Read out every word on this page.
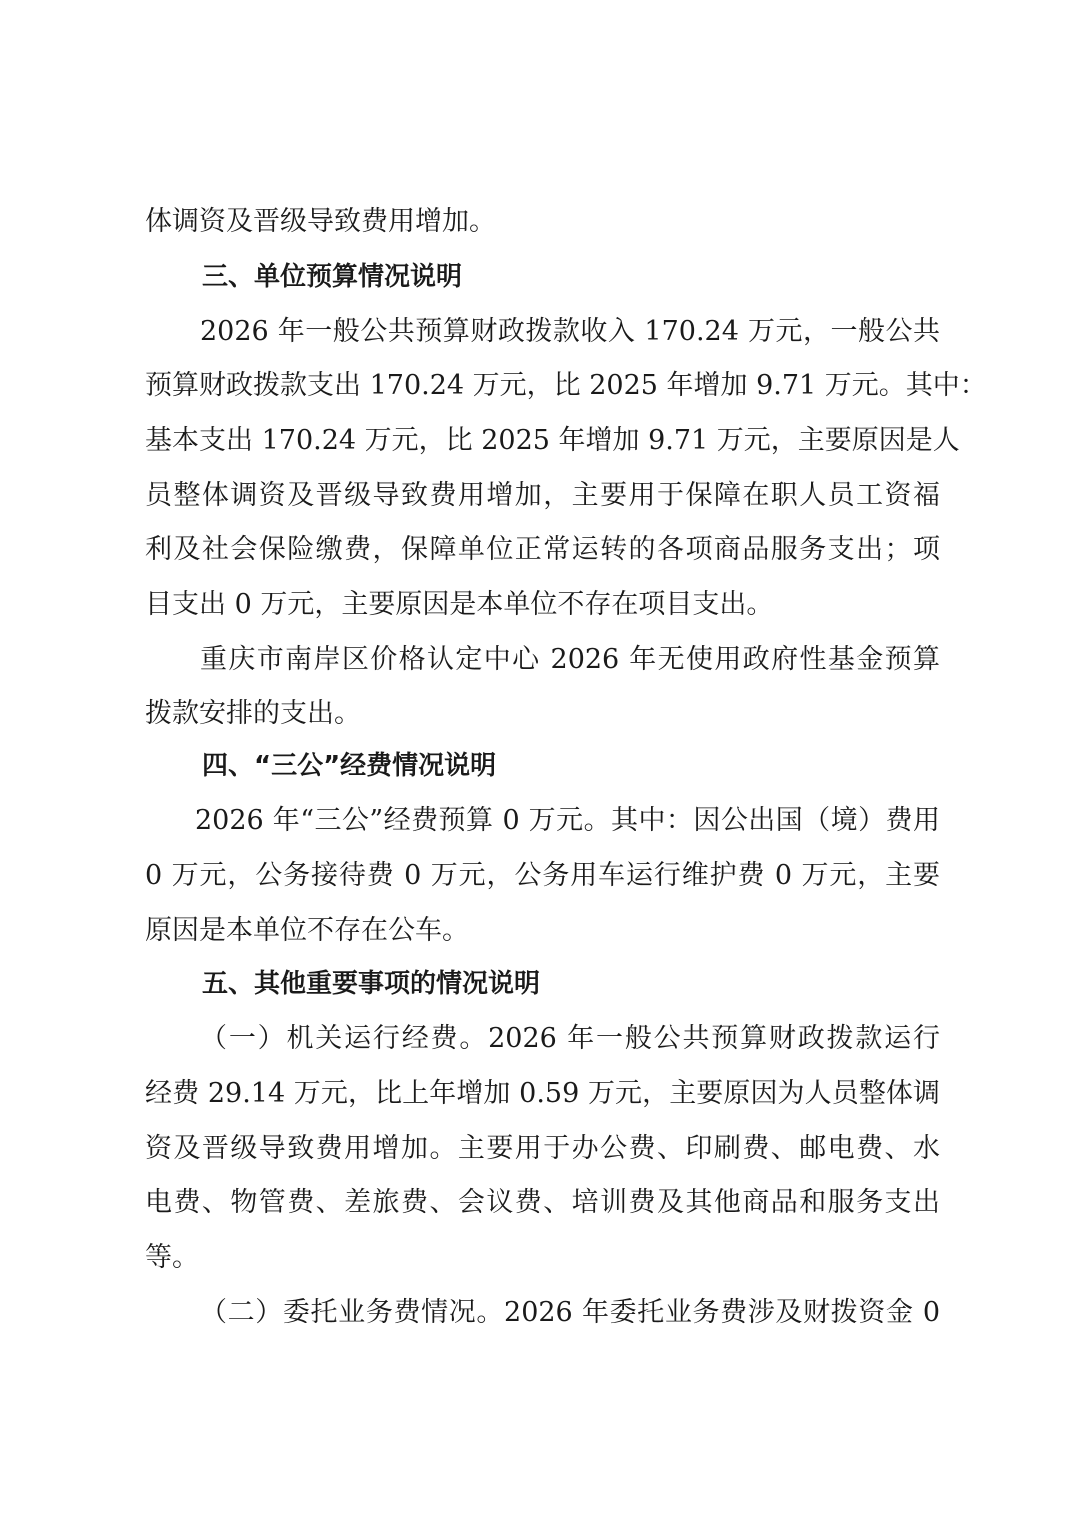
体调资及晋级导致费用增加。
三、单位预算情况说明
2026 年一般公共预算财政拨款收入 170.24 万元，一般公共
预算财政拨款支出 170.24 万元，比 2025 年增加 9.71 万元。其中：
基本支出 170.24 万元，比 2025 年增加 9.71 万元，主要原因是人
员整体调资及晋级导致费用增加，主要用于保障在职人员工资福
利及社会保险缴费，保障单位正常运转的各项商品服务支出；项
目支出 0 万元，主要原因是本单位不存在项目支出。
重庆市南岸区价格认定中心 2026 年无使用政府性基金预算
拨款安排的支出。
四、“三公”经费情况说明
2026 年“三公”经费预算 0 万元。其中：因公出国（境）费用
0 万元，公务接待费 0 万元，公务用车运行维护费 0 万元，主要
原因是本单位不存在公车。
五、其他重要事项的情况说明
（一）机关运行经费。2026 年一般公共预算财政拨款运行
经费 29.14 万元，比上年增加 0.59 万元，主要原因为人员整体调
资及晋级导致费用增加。主要用于办公费、印刷费、邮电费、水
电费、物管费、差旅费、会议费、培训费及其他商品和服务支出
等。
（二）委托业务费情况。2026 年委托业务费涉及财拨资金 0
